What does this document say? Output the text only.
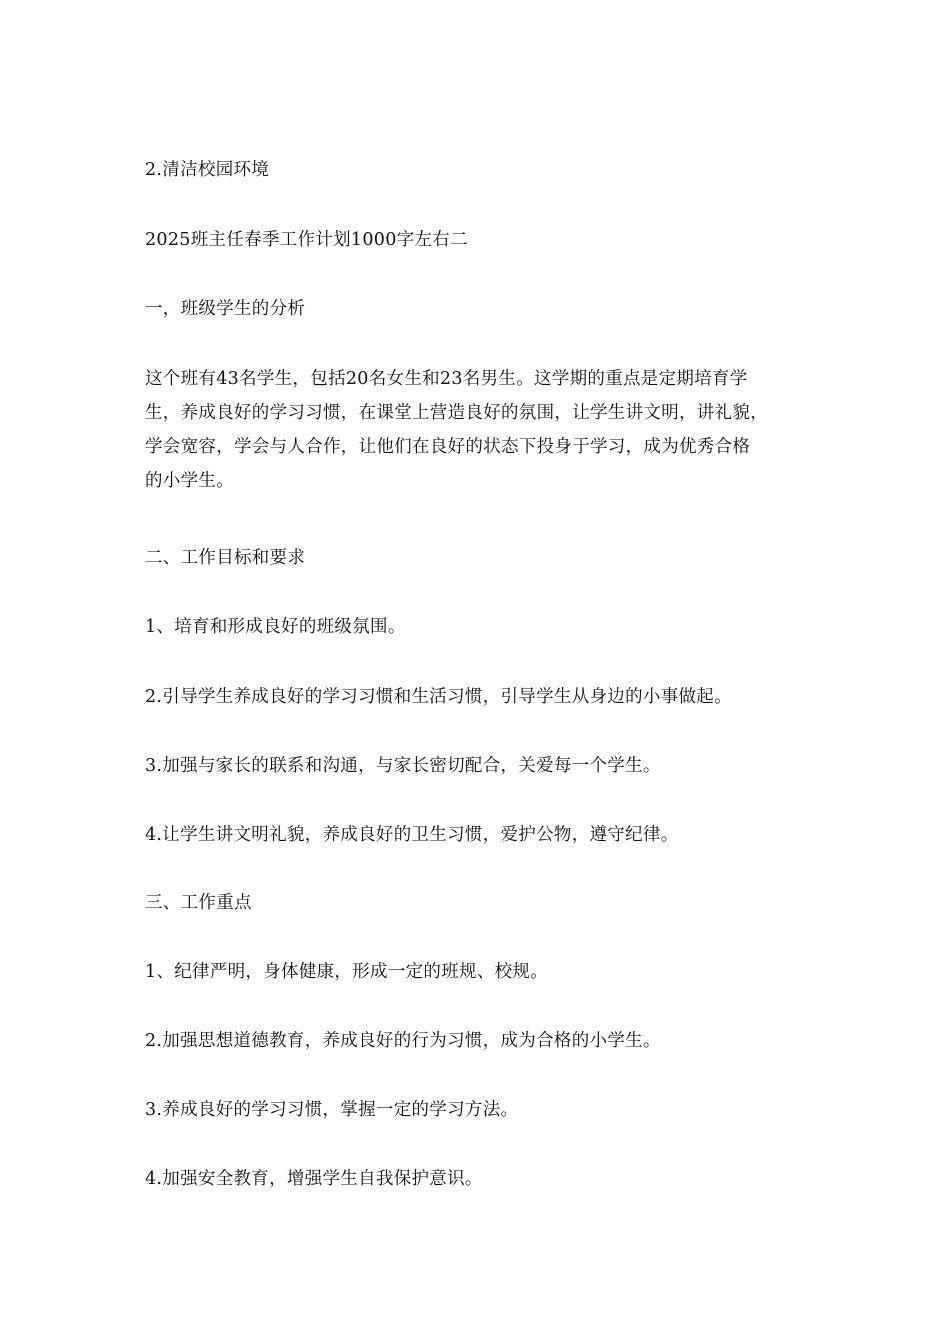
2.清洁校园环境

2025班主任春季工作计划1000字左右二

一，班级学生的分析

这个班有43名学生，包括20名女生和23名男生。这学期的重点是定期培育学
生，养成良好的学习习惯，在课堂上营造良好的氛围，让学生讲文明，讲礼貌，
学会宽容，学会与人合作，让他们在良好的状态下投身于学习，成为优秀合格
的小学生。

二、工作目标和要求

1、培育和形成良好的班级氛围。

2.引导学生养成良好的学习习惯和生活习惯，引导学生从身边的小事做起。

3.加强与家长的联系和沟通，与家长密切配合，关爱每一个学生。

4.让学生讲文明礼貌，养成良好的卫生习惯，爱护公物，遵守纪律。

三、工作重点

1、纪律严明，身体健康，形成一定的班规、校规。

2.加强思想道德教育，养成良好的行为习惯，成为合格的小学生。

3.养成良好的学习习惯，掌握一定的学习方法。

4.加强安全教育，增强学生自我保护意识。
